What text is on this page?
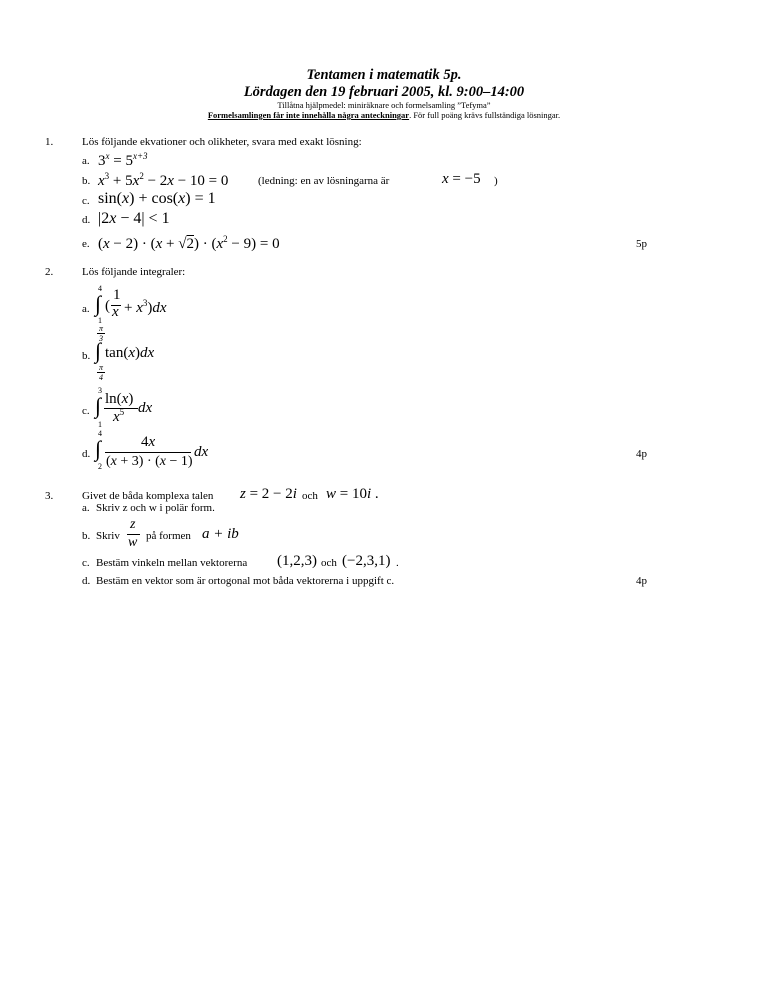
Tentamen i matematik 5p.
Lördagen den 19 februari 2005, kl. 9:00–14:00
Tillåtna hjälpmedel: miniräknare och formelsamling ”Tefyma”
Formelsamlingen får inte innehålla några anteckningar. För full poäng krävs fullständiga lösningar.
1.	Lös följande ekvationer och olikheter, svara med exakt lösning:
a. $3^x = 5^{x+3}$
b. $x^3 + 5x^2 - 2x - 10 = 0$	(ledning: en av lösningarna är	x = −5 )
c. sin(x) + cos(x) = 1
d. |2x − 4| < 1
e. $(x - 2) \cdot (x + √2) \cdot (x^2 - 9) = 0$	5p
2.	Lös följande integraler:
a.
4
∫
1
(
1
$x + x^3)dx$
b.
π
3
∫
π
4
tan(x)dx
c.
3
∫
1
ln(x)
$x^5$ dx
d.
4
∫
2
4x
(x + 3) · (x − 1)
dx	4p
3.	Givet de båda komplexa talen z = 2 − 2i och w = 10i .
a. Skriv z och w i polär form.
b. Skriv
z
w på formen a + ib
c. Bestäm vinkeln mellan vektorerna (1,2,3) och (−2,3,1) .
d. Bestäm en vektor som är ortogonal mot båda vektorerna i uppgift c.	4p
